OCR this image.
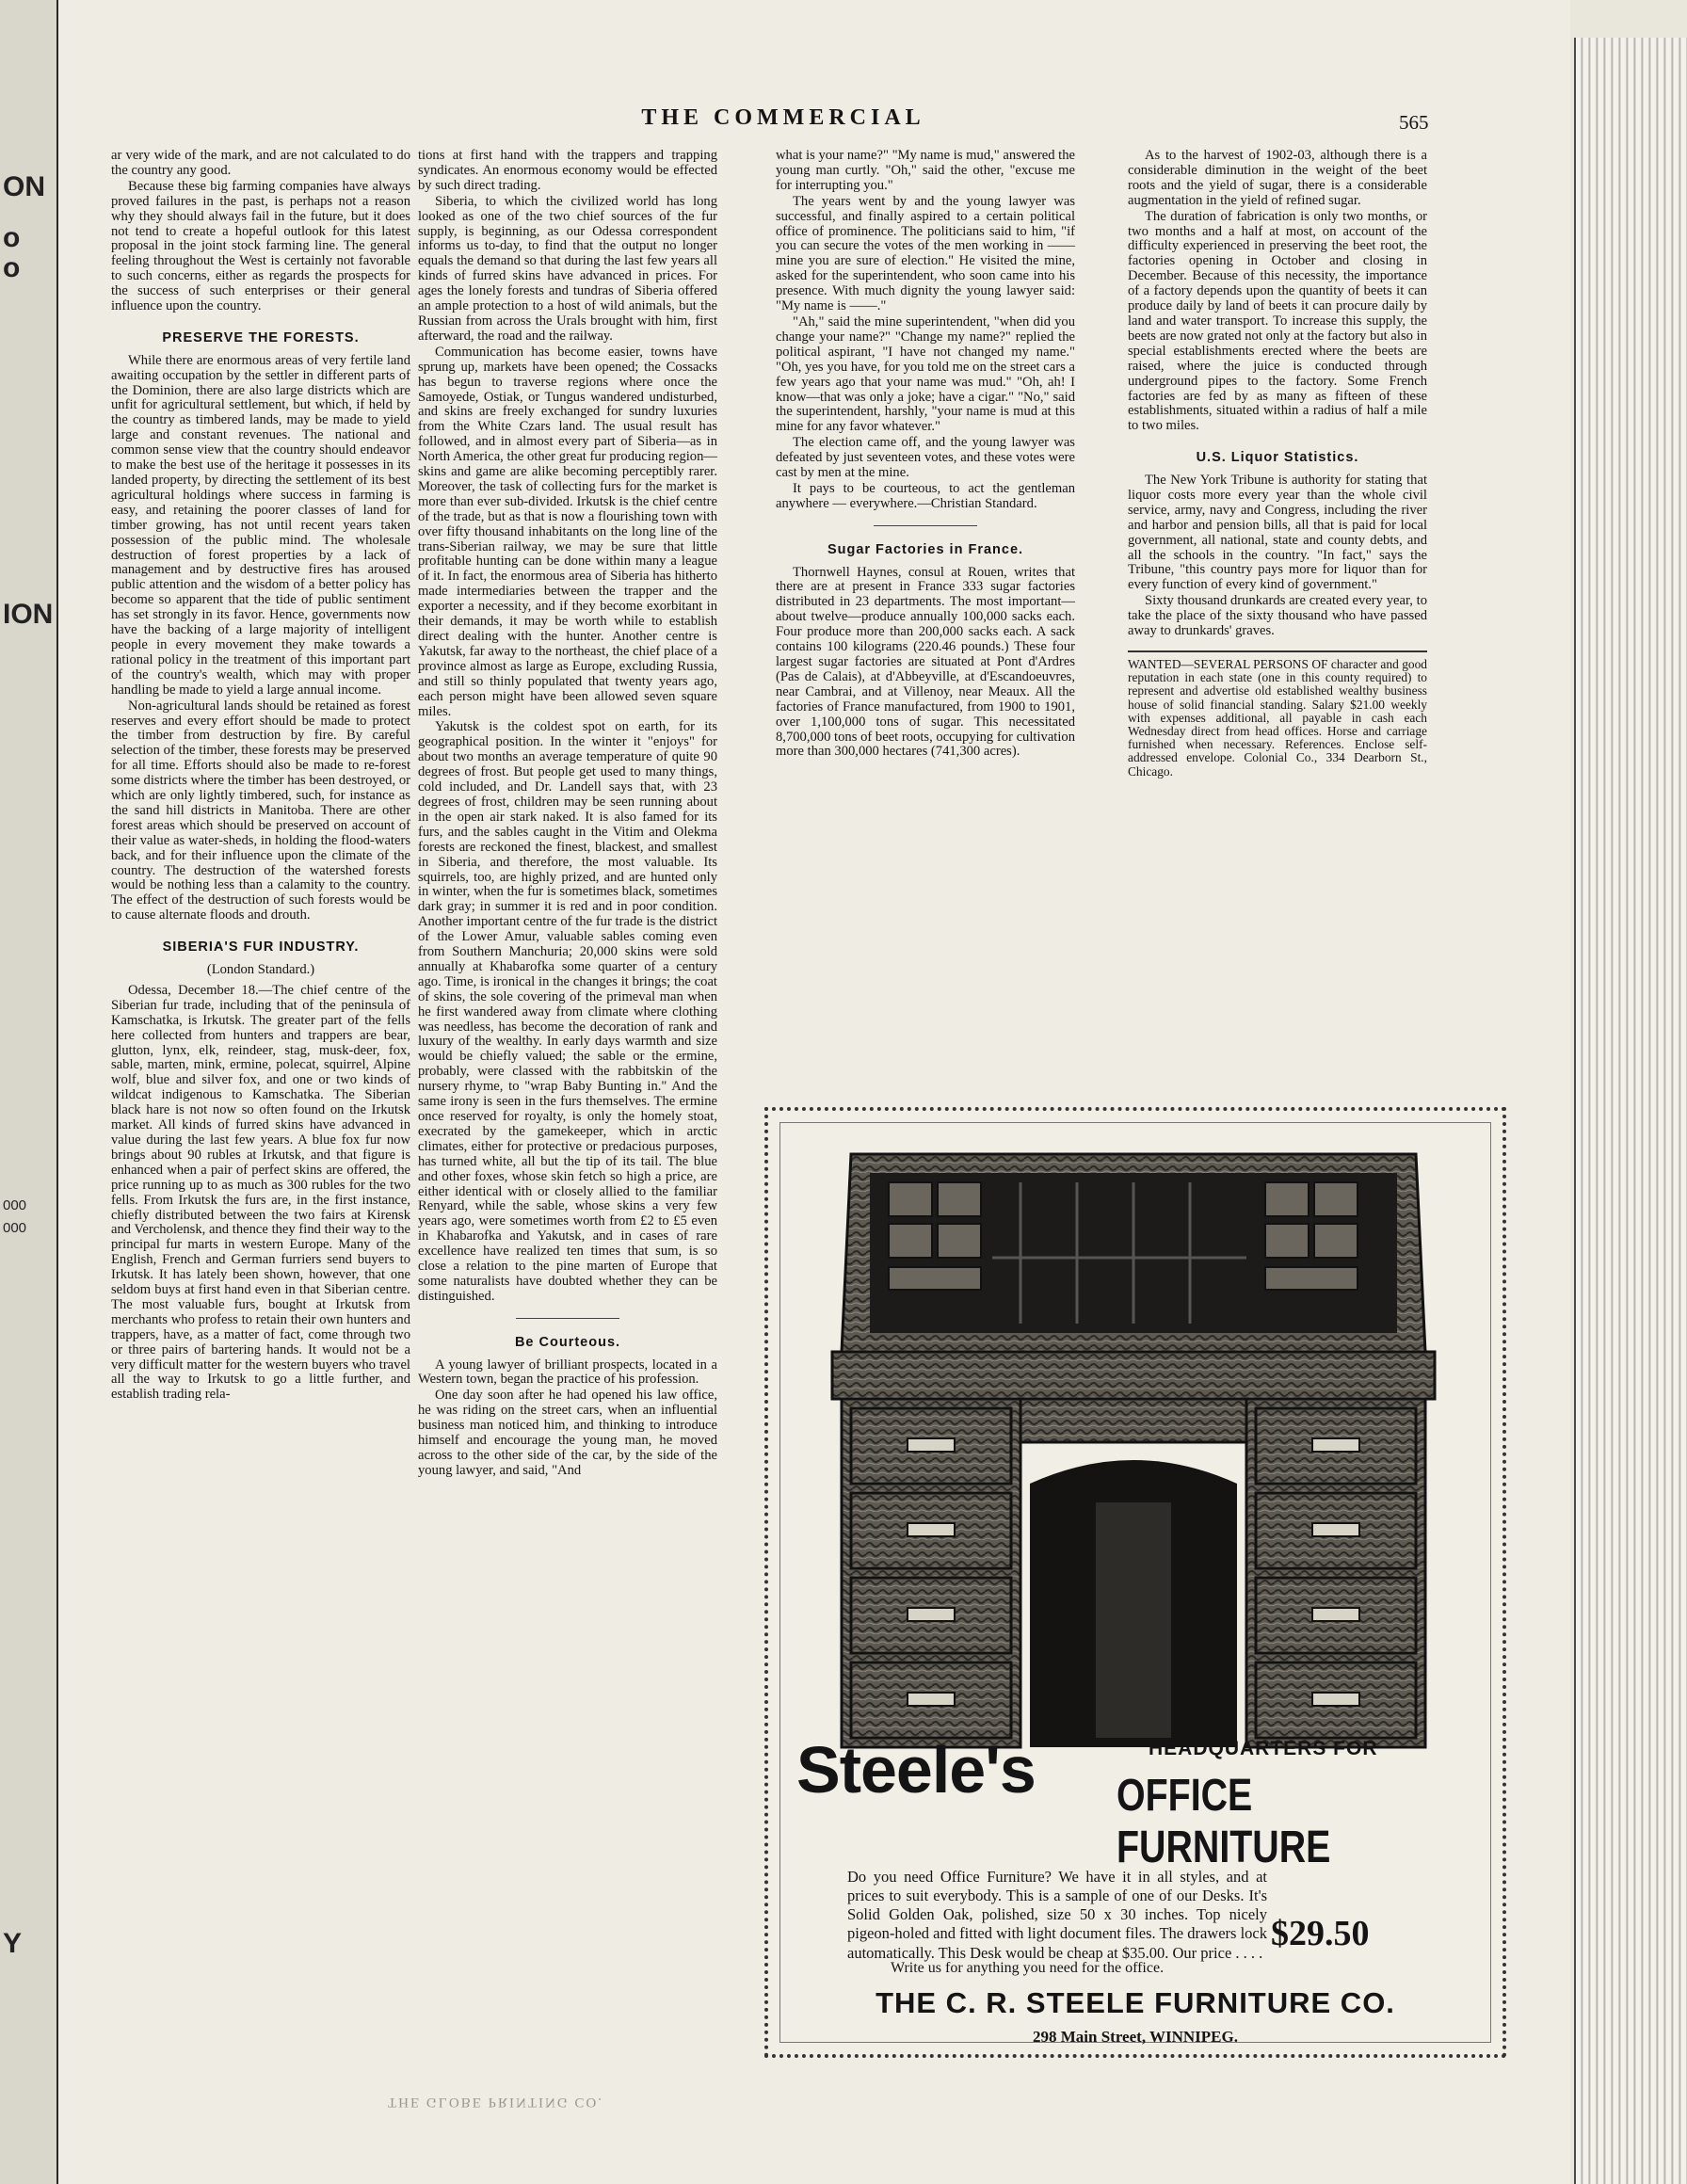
ON
o
o
ION
000
000
Y
THE COMMERCIAL	565

ar very wide of the mark, and are not calculated to do the country any good.

Because these big farming companies have always proved failures in the past, is perhaps not a reason why they should always fail in the future, but it does not tend to create a hopeful outlook for this latest proposal in the joint stock farming line. The general feeling throughout the West is certainly not favorable to such concerns, either as regards the prospects for the success of such enterprises or their general influence upon the country.

PRESERVE THE FORESTS.

While there are enormous areas of very fertile land awaiting occupation by the settler in different parts of the Dominion, there are also large districts which are unfit for agricultural settlement, but which, if held by the country as timbered lands, may be made to yield large and constant revenues. The national and common sense view that the country should endeavor to make the best use of the heritage it possesses in its landed property, by directing the settlement of its best agricultural holdings where success in farming is easy, and retaining the poorer classes of land for timber growing, has not until recent years taken possession of the public mind. The wholesale destruction of forest properties by a lack of management and by destructive fires has aroused public attention and the wisdom of a better policy has become so apparent that the tide of public sentiment has set strongly in its favor. Hence, governments now have the backing of a large majority of intelligent people in every movement they make towards a rational policy in the treatment of this important part of the country's wealth, which may with proper handling be made to yield a large annual income.

Non-agricultural lands should be retained as forest reserves and every effort should be made to protect the timber from destruction by fire. By careful selection of the timber, these forests may be preserved for all time. Efforts should also be made to re-forest some districts where the timber has been destroyed, or which are only lightly timbered, such, for instance as the sand hill districts in Manitoba. There are other forest areas which should be preserved on account of their value as water-sheds, in holding the flood-waters back, and for their influence upon the climate of the country. The destruction of the watershed forests would be nothing less than a calamity to the country. The effect of the destruction of such forests would be to cause alternate floods and drouth.

SIBERIA'S FUR INDUSTRY.
(London Standard.)

Odessa, December 18.—The chief centre of the Siberian fur trade, including that of the peninsula of Kamschatka, is Irkutsk. The greater part of the fells here collected from hunters and trappers are bear, glutton, lynx, elk, reindeer, stag, musk-deer, fox, sable, marten, mink, ermine, polecat, squirrel, Alpine wolf, blue and silver fox, and one or two kinds of wildcat indigenous to Kamschatka. The Siberian black hare is not now so often found on the Irkutsk market. All kinds of furred skins have advanced in value during the last few years. A blue fox fur now brings about 90 rubles at Irkutsk, and that figure is enhanced when a pair of perfect skins are offered, the price running up to as much as 300 rubles for the two fells. From Irkutsk the furs are, in the first instance, chiefly distributed between the two fairs at Kirensk and Vercholensk, and thence they find their way to the principal fur marts in western Europe. Many of the English, French and German furriers send buyers to Irkutsk. It has lately been shown, however, that one seldom buys at first hand even in that Siberian centre. The most valuable furs, bought at Irkutsk from merchants who profess to retain their own hunters and trappers, have, as a matter of fact, come through two or three pairs of bartering hands. It would not be a very difficult matter for the western buyers who travel all the way to Irkutsk to go a little further, and establish trading rela-

tions at first hand with the trappers and trapping syndicates. An enormous economy would be effected by such direct trading.

Siberia, to which the civilized world has long looked as one of the two chief sources of the fur supply, is beginning, as our Odessa correspondent informs us to-day, to find that the output no longer equals the demand so that during the last few years all kinds of furred skins have advanced in prices. For ages the lonely forests and tundras of Siberia offered an ample protection to a host of wild animals, but the Russian from across the Urals brought with him, first afterward, the road and the railway.

Communication has become easier, towns have sprung up, markets have been opened; the Cossacks has begun to traverse regions where once the Samoyede, Ostiak, or Tungus wandered undisturbed, and skins are freely exchanged for sundry luxuries from the White Czars land. The usual result has followed, and in almost every part of Siberia—as in North America, the other great fur producing region—skins and game are alike becoming perceptibly rarer. Moreover, the task of collecting furs for the market is more than ever sub-divided. Irkutsk is the chief centre of the trade, but as that is now a flourishing town with over fifty thousand inhabitants on the long line of the trans-Siberian railway, we may be sure that little profitable hunting can be done within many a league of it. In fact, the enormous area of Siberia has hitherto made intermediaries between the trapper and the exporter a necessity, and if they become exorbitant in their demands, it may be worth while to establish direct dealing with the hunter. Another centre is Yakutsk, far away to the northeast, the chief place of a province almost as large as Europe, excluding Russia, and still so thinly populated that twenty years ago, each person might have been allowed seven square miles.

Yakutsk is the coldest spot on earth, for its geographical position. In the winter it "enjoys" for about two months an average temperature of quite 90 degrees of frost. But people get used to many things, cold included, and Dr. Landell says that, with 23 degrees of frost, children may be seen running about in the open air stark naked. It is also famed for its furs, and the sables caught in the Vitim and Olekma forests are reckoned the finest, blackest, and smallest in Siberia, and therefore, the most valuable. Its squirrels, too, are highly prized, and are hunted only in winter, when the fur is sometimes black, sometimes dark gray; in summer it is red and in poor condition. Another important centre of the fur trade is the district of the Lower Amur, valuable sables coming even from Southern Manchuria; 20,000 skins were sold annually at Khabarofka some quarter of a century ago. Time, is ironical in the changes it brings; the coat of skins, the sole covering of the primeval man when he first wandered away from climate where clothing was needless, has become the decoration of rank and luxury of the wealthy. In early days warmth and size would be chiefly valued; the sable or the ermine, probably, were classed with the rabbitskin of the nursery rhyme, to "wrap Baby Bunting in." And the same irony is seen in the furs themselves. The ermine once reserved for royalty, is only the homely stoat, execrated by the gamekeeper, which in arctic climates, either for protective or predacious purposes, has turned white, all but the tip of its tail. The blue and other foxes, whose skin fetch so high a price, are either identical with or closely allied to the familiar Renyard, while the sable, whose skins a very few years ago, were sometimes worth from £2 to £5 even in Khabarofka and Yakutsk, and in cases of rare excellence have realized ten times that sum, is so close a relation to the pine marten of Europe that some naturalists have doubted whether they can be distinguished.

Be Courteous.

A young lawyer of brilliant prospects, located in a Western town, began the practice of his profession.

One day soon after he had opened his law office, he was riding on the street cars, when an influential business man noticed him, and thinking to introduce himself and encourage the young man, he moved across to the other side of the car, by the side of the young lawyer, and said, "And

what is your name?" "My name is mud," answered the young man curtly. "Oh," said the other, "excuse me for interrupting you."

The years went by and the young lawyer was successful, and finally aspired to a certain political office of prominence. The politicians said to him, "if you can secure the votes of the men working in —— mine you are sure of election." He visited the mine, asked for the superintendent, who soon came into his presence. With much dignity the young lawyer said: "My name is ——."

"Ah," said the mine superintendent, "when did you change your name?" "Change my name?" replied the political aspirant, "I have not changed my name." "Oh, yes you have, for you told me on the street cars a few years ago that your name was mud." "Oh, ah! I know—that was only a joke; have a cigar." "No," said the superintendent, harshly, "your name is mud at this mine for any favor whatever."

The election came off, and the young lawyer was defeated by just seventeen votes, and these votes were cast by men at the mine.

It pays to be courteous, to act the gentleman anywhere — everywhere.—Christian Standard.

Sugar Factories in France.

Thornwell Haynes, consul at Rouen, writes that there are at present in France 333 sugar factories distributed in 23 departments. The most important—about twelve—produce annually 100,000 sacks each. Four produce more than 200,000 sacks each. A sack contains 100 kilograms (220.46 pounds.) These four largest sugar factories are situated at Pont d'Ardres (Pas de Calais), at d'Abbeyville, at d'Escandoeuvres, near Cambrai, and at Villenoy, near Meaux. All the factories of France manufactured, from 1900 to 1901, over 1,100,000 tons of sugar. This necessitated 8,700,000 tons of beet roots, occupying for cultivation more than 300,000 hectares (741,300 acres).

As to the harvest of 1902-03, although there is a considerable diminution in the weight of the beet roots and the yield of sugar, there is a considerable augmentation in the yield of refined sugar.

The duration of fabrication is only two months, or two months and a half at most, on account of the difficulty experienced in preserving the beet root, the factories opening in October and closing in December. Because of this necessity, the importance of a factory depends upon the quantity of beets it can produce daily by land of beets it can procure daily by land and water transport. To increase this supply, the beets are now grated not only at the factory but also in special establishments erected where the beets are raised, where the juice is conducted through underground pipes to the factory. Some French factories are fed by as many as fifteen of these establishments, situated within a radius of half a mile to two miles.

U.S. Liquor Statistics.

The New York Tribune is authority for stating that liquor costs more every year than the whole civil service, army, navy and Congress, including the river and harbor and pension bills, all that is paid for local government, all national, state and county debts, and all the schools in the country. "In fact," says the Tribune, "this country pays more for liquor than for every function of every kind of government."

Sixty thousand drunkards are created every year, to take the place of the sixty thousand who have passed away to drunkards' graves.

WANTED—SEVERAL PERSONS OF character and good reputation in each state (one in this county required) to represent and advertise old established wealthy business house of solid financial standing. Salary $21.00 weekly with expenses additional, all payable in cash each Wednesday direct from head offices. Horse and carriage furnished when necessary. References. Enclose self-addressed envelope. Colonial Co., 334 Dearborn St., Chicago.
Steele's	HEADQUARTERS FOR
OFFICE FURNITURE
Do you need Office Furniture? We have it in all styles, and at prices to suit everybody. This is a sample of one of our Desks. It's Solid Golden Oak, polished, size 50 x 30 inches. Top nicely pigeon-holed and fitted with light document files. The drawers lock automatically. This Desk would be cheap at $35.00. Our price . . . . $29.50
Write us for anything you need for the office.
THE C. R. STEELE FURNITURE CO.
298 Main Street, WINNIPEG.
THE GLOBE PRINTING CO.
